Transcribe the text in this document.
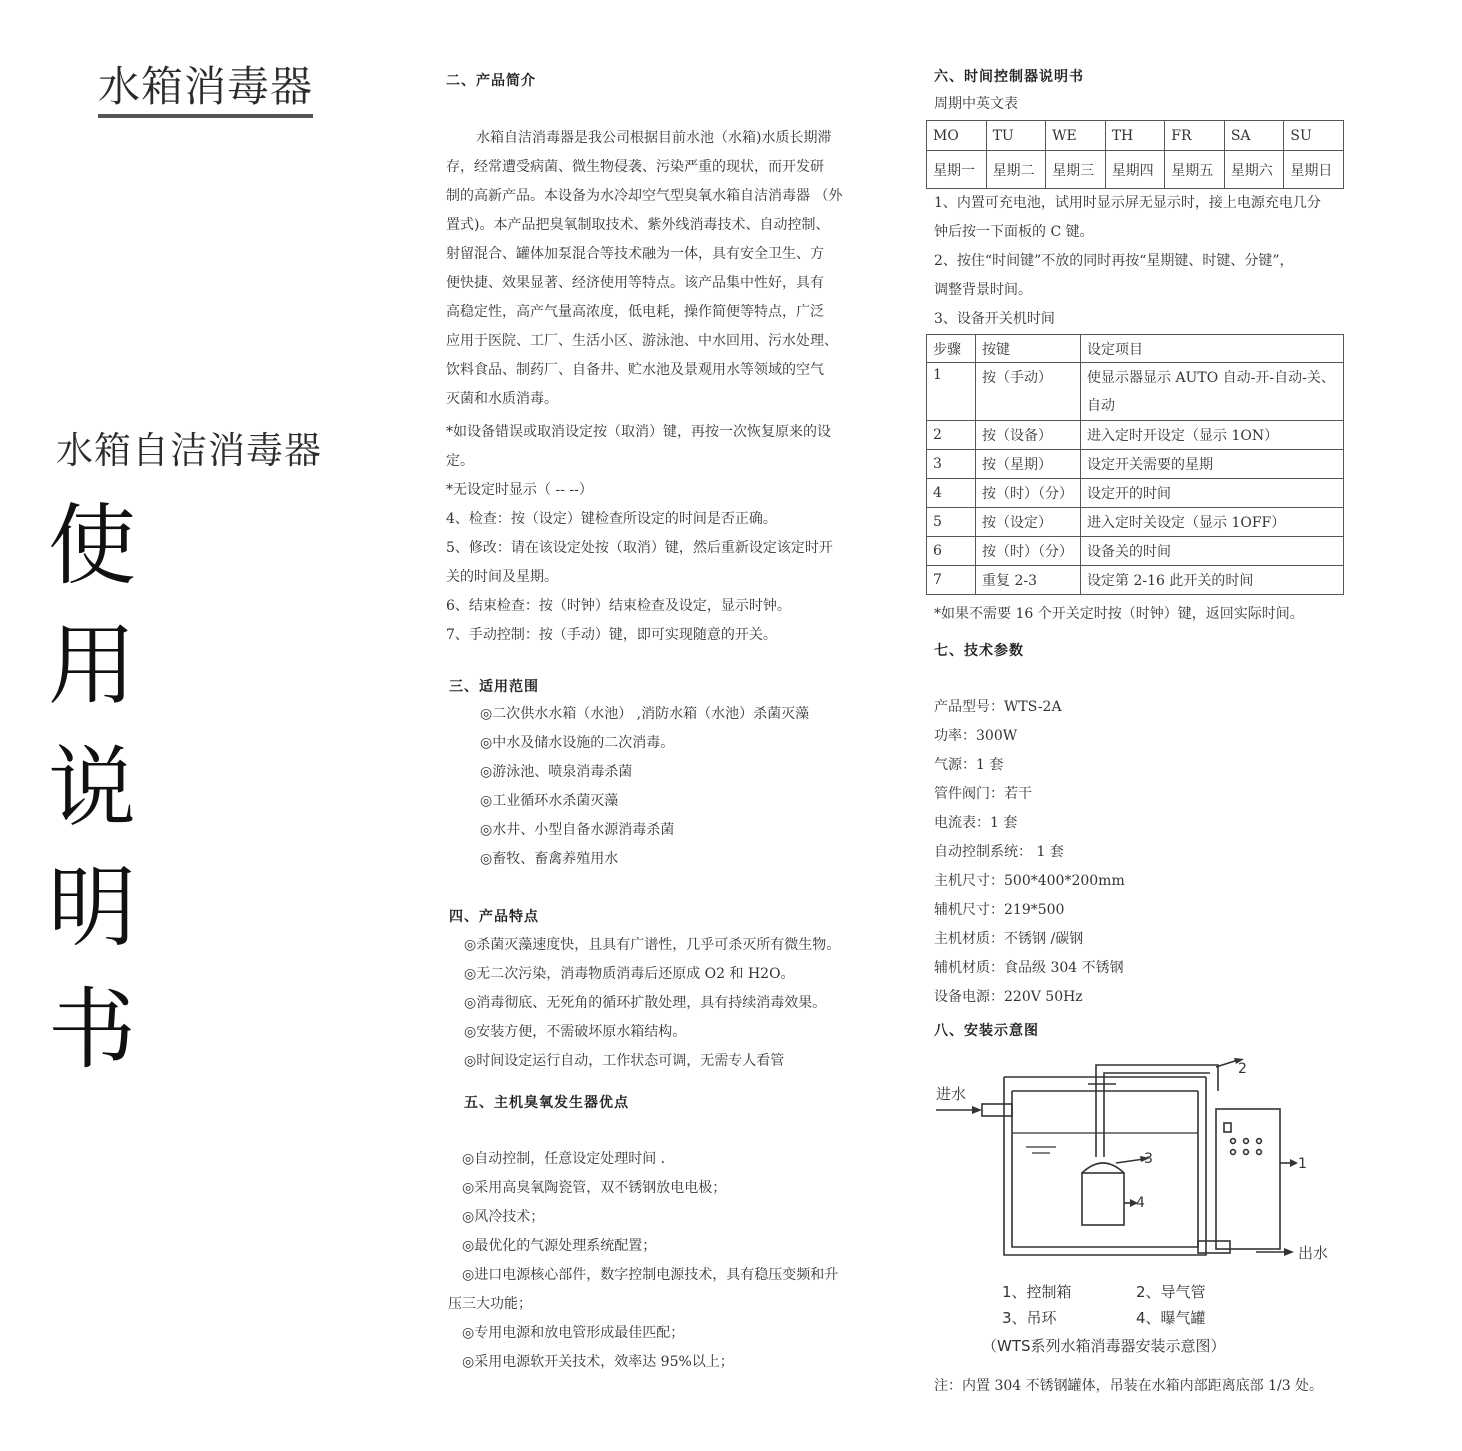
水箱消毒器
水箱自洁消毒器
使
用
说
明
书
二、产品简介
水箱自洁消毒器是我公司根据目前水池（水箱)水质长期滞
存，经常遭受病菌、微生物侵袭、污染严重的现状，而开发研
制的高新产品。本设备为水冷却空气型臭氧水箱自洁消毒器 （外
置式)。本产品把臭氧制取技术、紫外线消毒技术、自动控制、
射留混合、罐体加泵混合等技术融为一体，具有安全卫生、方
便快捷、效果显著、经济使用等特点。该产品集中性好，具有
高稳定性，高产气量高浓度，低电耗，操作简便等特点，广泛
应用于医院、工厂、生活小区、游泳池、中水回用、污水处理、
饮料食品、制药厂、自备井、贮水池及景观用水等领域的空气
灭菌和水质消毒。
*如设备错误或取消设定按（取消）键，再按一次恢复原来的设
定。
*无设定时显示（ -- --）
4、检查：按（设定）键检查所设定的时间是否正确。
5、修改：请在该设定处按（取消）键，然后重新设定该定时开
关的时间及星期。
6、结束检查：按（时钟）结束检查及设定，显示时钟。
7、手动控制：按（手动）键，即可实现随意的开关。
三、适用范围
◎二次供水水箱（水池） ,消防水箱（水池）杀菌灭藻
◎中水及储水设施的二次消毒。
◎游泳池、喷泉消毒杀菌
◎工业循环水杀菌灭藻
◎水井、小型自备水源消毒杀菌
◎畜牧、畜禽养殖用水
四、产品特点
◎杀菌灭藻速度快，且具有广谱性，几乎可杀灭所有微生物。
◎无二次污染，消毒物质消毒后还原成 O2 和 H2O。
◎消毒彻底、无死角的循环扩散处理，具有持续消毒效果。
◎安装方便，不需破坏原水箱结构。
◎时间设定运行自动，工作状态可调，无需专人看管
五、主机臭氧发生器优点
◎自动控制，任意设定处理时间 .
◎采用高臭氧陶瓷管，双不锈钢放电电极；
◎风冷技术；
◎最优化的气源处理系统配置；
◎进口电源核心部件，数字控制电源技术，具有稳压变频和升
压三大功能；
◎专用电源和放电管形成最佳匹配；
◎采用电源软开关技术，效率达 95%以上；
六、时间控制器说明书
周期中英文表
MO	TU	WE	TH	FR	SA	SU
星期一	星期二	星期三	星期四	星期五	星期六	星期日
1、内置可充电池，试用时显示屏无显示时，接上电源充电几分
钟后按一下面板的 C 键。
2、按住“时间键”不放的同时再按“星期键、时键、分键”，
调整背景时间。
3、设备开关机时间
步骤	按键	设定项目
1	按（手动）	使显示器显示 AUTO 自动-开-自动-关、
自动

2	按（设备）	进入定时开设定（显示 1ON）
3	按（星期）	设定开关需要的星期
4	按（时）（分）	设定开的时间
5	按（设定）	进入定时关设定（显示 1OFF）
6	按（时）（分）	设备关的时间
7	重复 2-3	设定第 2-16 此开关的时间
*如果不需要 16 个开关定时按（时钟）键，返回实际时间。
七、技术参数
产品型号：WTS-2A
功率：300W
气源：1 套
管件阀门：若干
电流表：1 套
自动控制系统： 1 套
主机尺寸：500*400*200mm
辅机尺寸：219*500
主机材质：不锈钢 /碳钢
辅机材质：食品级 304 不锈钢
设备电源：220V 50Hz
八、安装示意图
进水
出水
2
3
4
1
1、控制箱	2、导气管
3、吊环	4、曝气罐
（WTS系列水箱消毒器安装示意图）
注：内置 304 不锈钢罐体，吊装在水箱内部距离底部 1/3 处。
